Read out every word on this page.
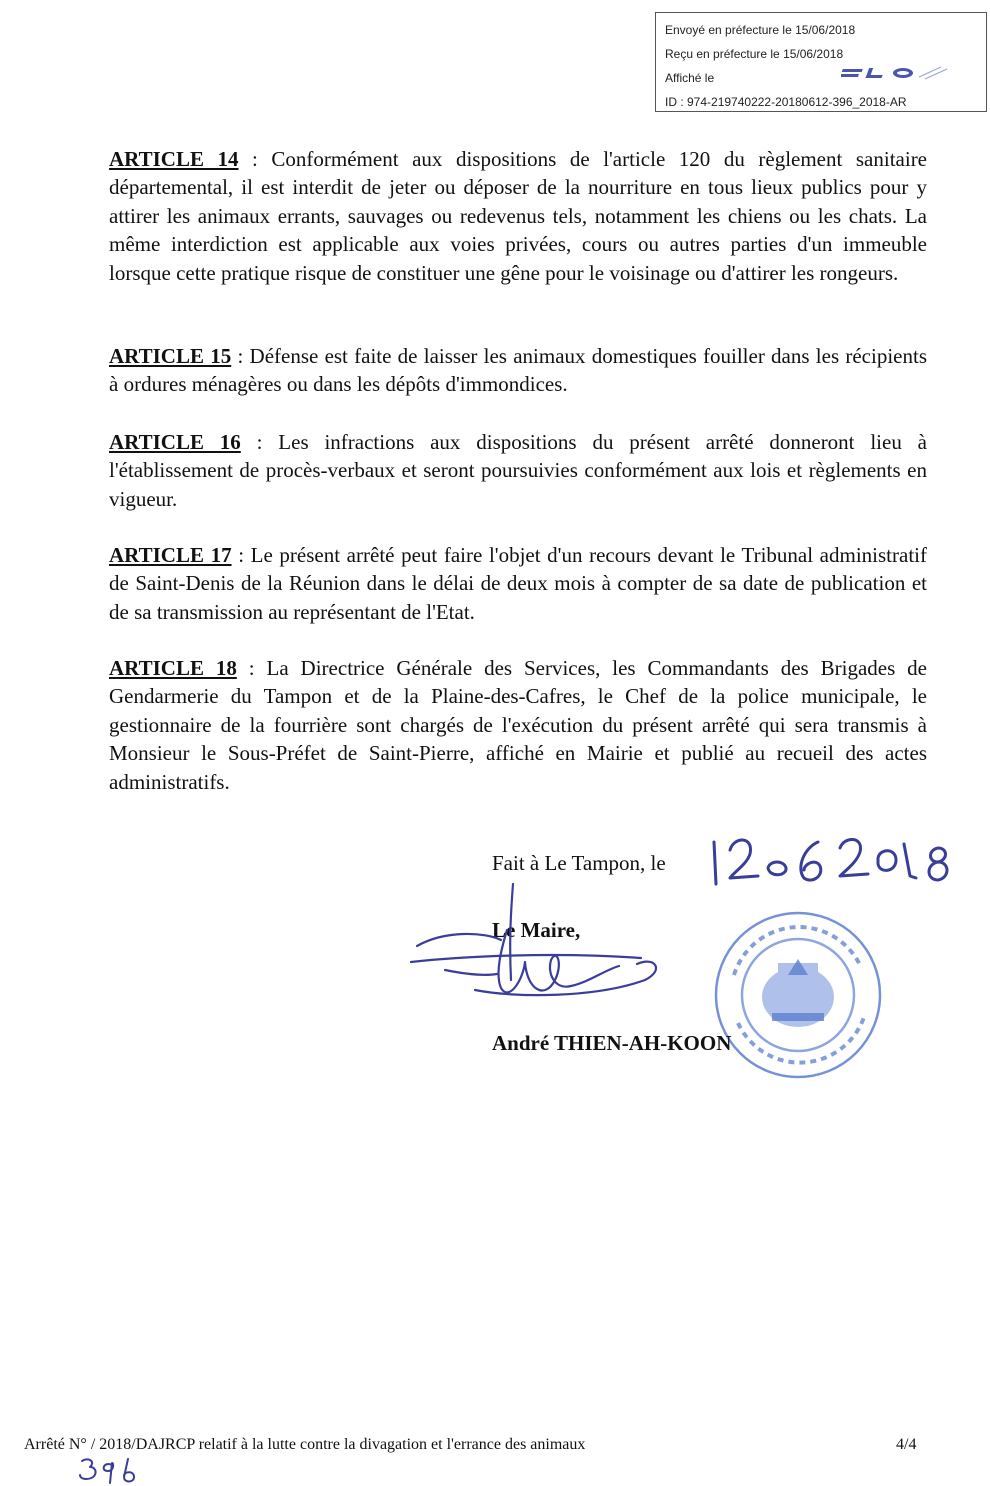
Envoyé en préfecture le 15/06/2018
Reçu en préfecture le 15/06/2018
Affiché le
ID : 974-219740222-20180612-396_2018-AR

ARTICLE 14 : Conformément aux dispositions de l'article 120 du règlement sanitaire départemental, il est interdit de jeter ou déposer de la nourriture en tous lieux publics pour y attirer les animaux errants, sauvages ou redevenus tels, notamment les chiens ou les chats. La même interdiction est applicable aux voies privées, cours ou autres parties d'un immeuble lorsque cette pratique risque de constituer une gêne pour le voisinage ou d'attirer les rongeurs.

ARTICLE 15 : Défense est faite de laisser les animaux domestiques fouiller dans les récipients à ordures ménagères ou dans les dépôts d'immondices.

ARTICLE 16 : Les infractions aux dispositions du présent arrêté donneront lieu à l'établissement de procès-verbaux et seront poursuivies conformément aux lois et règlements en vigueur.

ARTICLE 17 : Le présent arrêté peut faire l'objet d'un recours devant le Tribunal administratif de Saint-Denis de la Réunion dans le délai de deux mois à compter de sa date de publication et de sa transmission au représentant de l'Etat.

ARTICLE 18 : La Directrice Générale des Services, les Commandants des Brigades de Gendarmerie du Tampon et de la Plaine-des-Cafres, le Chef de la police municipale, le gestionnaire de la fourrière sont chargés de l'exécution du présent arrêté qui sera transmis à Monsieur le Sous-Préfet de Saint-Pierre, affiché en Mairie et publié au recueil des actes administratifs.

Fait à Le Tampon, le
Le Maire,
André THIEN-AH-KOON
Arrêté N° / 2018/DAJRCP relatif à la lutte contre la divagation et l'errance des animaux	4/4
